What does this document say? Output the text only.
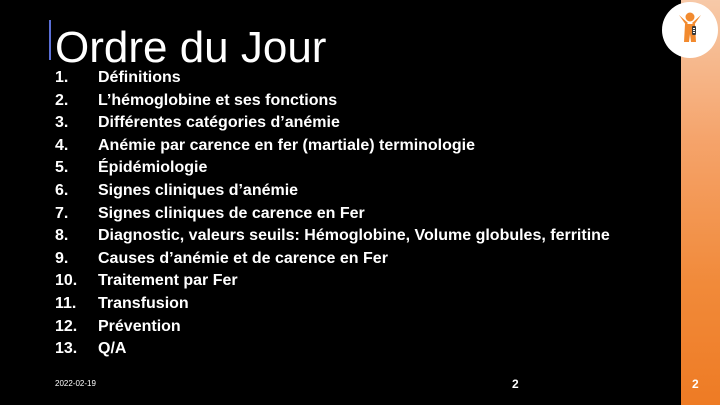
Ordre du Jour
1.	Définitions
2.	L’hémoglobine et ses fonctions
3.	Différentes catégories d’anémie
4.	Anémie par carence en fer (martiale) terminologie
5.	Épidémiologie
6.	Signes cliniques d’anémie
7.	Signes cliniques de carence en Fer
8.	Diagnostic, valeurs seuils: Hémoglobine, Volume globules, ferritine
9.	Causes d’anémie et de carence en Fer
10.	Traitement par Fer
11.	Transfusion
12.	Prévention
13.	Q/A
2022-02-19	2	2
